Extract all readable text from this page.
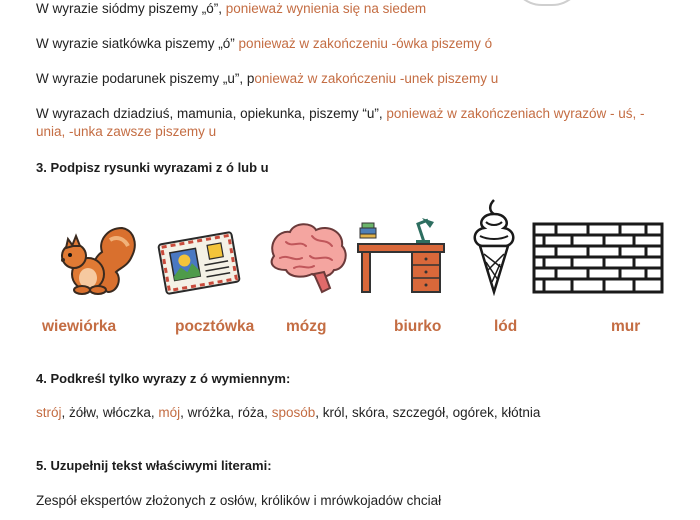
W wyrazie siódmy piszemy „ó”, ponieważ wynienia się na siedem
W wyrazie siatkówka piszemy „ó” ponieważ w zakończeniu -ówka piszemy ó
W wyrazie podarunek piszemy „u”, ponieważ w zakończeniu -unek piszemy u
W wyrazach dziadziuś, mamunia, opiekunka, piszemy “u”, ponieważ w zakończeniach wyrazów - uś, -unia, -unka zawsze piszemy u
3. Podpisz rysunki wyrazami z ó lub u
wiewiórka	pocztówka mózg	biurko	lód	mur
4. Podkreśl tylko wyrazy z ó wymiennym:
strój, żółw, włóczka, mój, wróżka, róża, sposób, król, skóra, szczegół, ogórek, kłótnia
5. Uzupełnij tekst właściwymi literami:
Zespół ekspertów złożonych z osłów, królików i mrówkojadów chciał
